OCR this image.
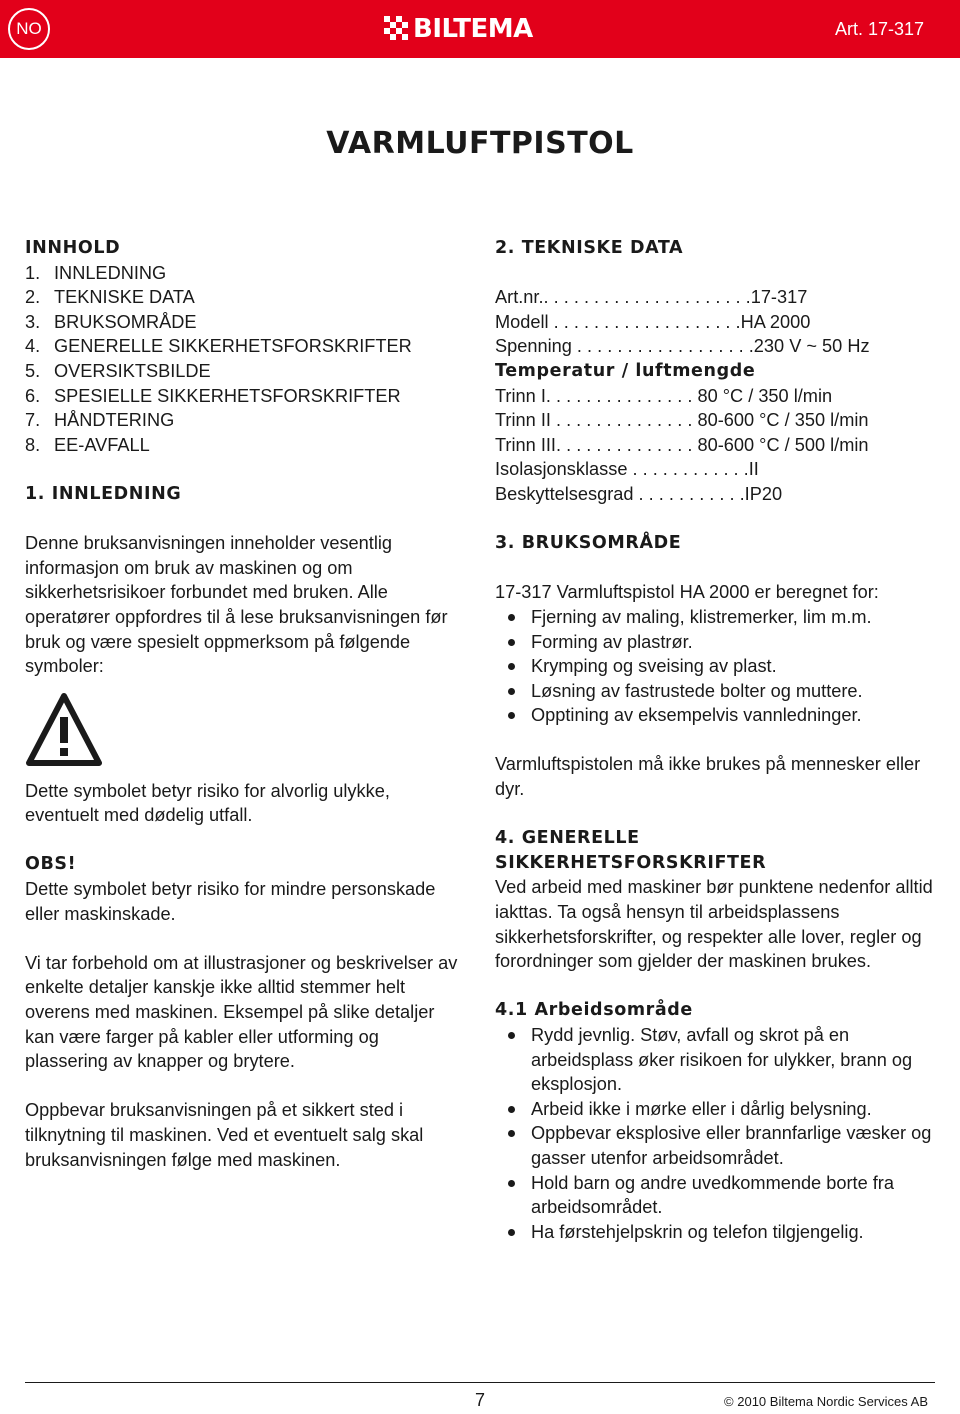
NO	BILTEMA	Art. 17-317
VARMLUFTPISTOL

INNHOLD

1. INNLEDNING
2. TEKNISKE DATA
3. BRUKSOMRÅDE
4. GENERELLE SIKKERHETSFORSKRIFTER
5. OVERSIKTSBILDE
6. SPESIELLE SIKKERHETSFORSKRIFTER
7. HÅNDTERING
8. EE-AVFALL

1. INNLEDNING

Denne bruksanvisningen inneholder vesentlig informasjon om bruk av maskinen og om sikkerhetsrisikoer forbundet med bruken. Alle operatører oppfordres til å lese bruksanvisningen før bruk og være spesielt oppmerksom på følgende symboler:

Dette symbolet betyr risiko for alvorlig ulykke, eventuelt med dødelig utfall.

OBS!

Dette symbolet betyr risiko for mindre personskade eller maskinskade.

Vi tar forbehold om at illustrasjoner og beskrivelser av enkelte detaljer kanskje ikke alltid stemmer helt overens med maskinen. Eksempel på slike detaljer kan være farger på kabler eller utforming og plassering av knapper og brytere.

Oppbevar bruksanvisningen på et sikkert sted i tilknytning til maskinen. Ved et eventuelt salg skal bruksanvisningen følge med maskinen.

2. TEKNISKE DATA

Art.nr.. . . . . . . . . . . . . . . . . . . . .17-317
Modell . . . . . . . . . . . . . . . . . . .HA 2000
Spenning . . . . . . . . . . . . . . . . . .230 V ~ 50 Hz

Temperatur / luftmengde

Trinn I. . . . . . . . . . . . . . . 80 °C / 350 l/min
Trinn II . . . . . . . . . . . . . . 80-600 °C / 350 l/min
Trinn III. . . . . . . . . . . . . . 80-600 °C / 500 l/min
Isolasjonsklasse . . . . . . . . . . . .II
Beskyttelsesgrad . . . . . . . . . . .IP20

3. BRUKSOMRÅDE

17-317 Varmluftspistol HA 2000 er beregnet for:

Fjerning av maling, klistremerker, lim m.m.
Forming av plastrør.
Krymping og sveising av plast.
Løsning av fastrustede bolter og muttere.
Opptining av eksempelvis vannledninger.

Varmluftspistolen må ikke brukes på mennesker eller dyr.

4. GENERELLE
SIKKERHETSFORSKRIFTER

Ved arbeid med maskiner bør punktene nedenfor alltid iakttas. Ta også hensyn til arbeidsplassens sikkerhetsforskrifter, og respekter alle lover, regler og forordninger som gjelder der maskinen brukes.

4.1 Arbeidsområde

Rydd jevnlig. Støv, avfall og skrot på en arbeidsplass øker risikoen for ulykker, brann og eksplosjon.
Arbeid ikke i mørke eller i dårlig belysning.
Oppbevar eksplosive eller brannfarlige væsker og gasser utenfor arbeidsområdet.
Hold barn og andre uvedkommende borte fra arbeidsområdet.
Ha førstehjelpskrin og telefon tilgjengelig.
7	© 2010 Biltema Nordic Services AB
